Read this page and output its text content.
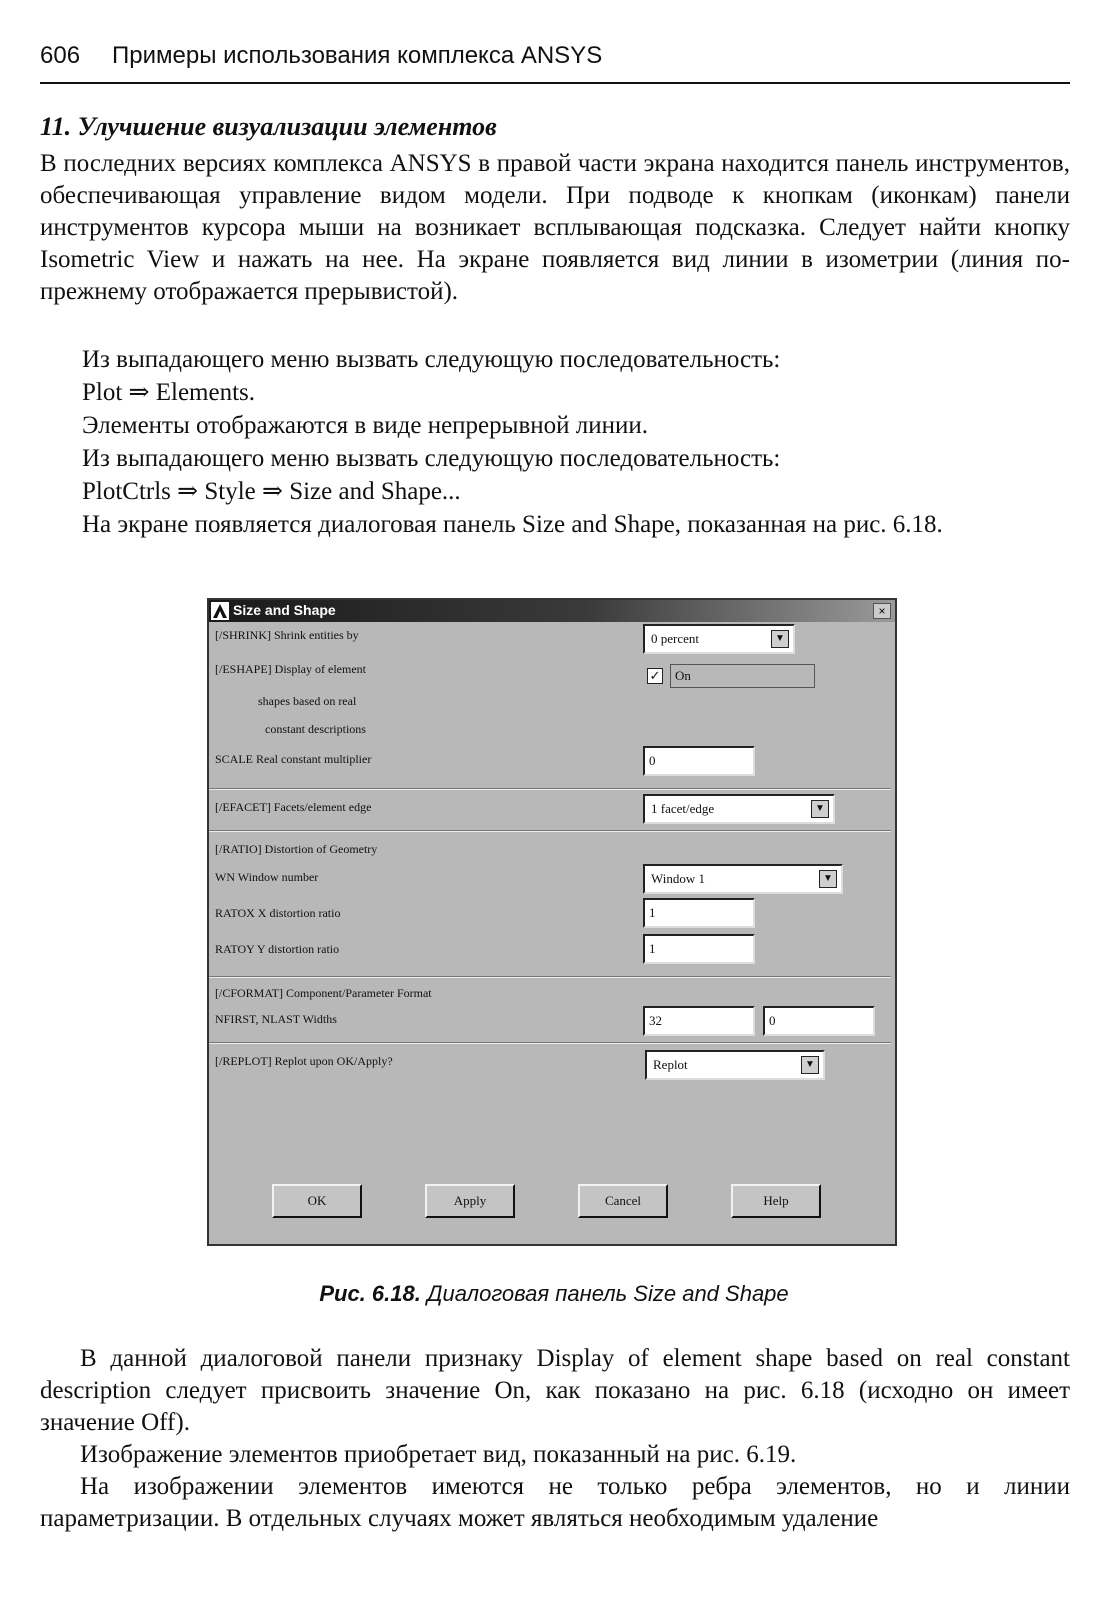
606 Примеры использования комплекса ANSYS
11. Улучшение визуализации элементов
В последних версиях комплекса ANSYS в правой части экрана находится панель инструментов, обеспечивающая управление видом модели. При подводе к кнопкам (иконкам) панели инструментов курсора мыши на возникает всплывающая подсказка. Следует найти кнопку Isometric View и нажать на нее. На экране появляется вид линии в изометрии (линия по-прежнему отображается прерывистой).
Из выпадающего меню вызвать следующую последовательность:
Plot ⇒ Elements.
Элементы отображаются в виде непрерывной линии.
Из выпадающего меню вызвать следующую последовательность:
PlotCtrls ⇒ Style ⇒ Size and Shape...
На экране появляется диалоговая панель Size and Shape, показанная на рис. 6.18.
Size and Shape	×
[/SHRINK] Shrink entities by	0 percent	▼
[/ESHAPE] Display of element
shapes based on real
constant descriptions
✓	On
SCALE Real constant multiplier	0
[/EFACET] Facets/element edge	1 facet/edge	▼
[/RATIO] Distortion of Geometry
WN Window number	Window 1	▼
RATOX X distortion ratio	1
RATOY Y distortion ratio	1
[/CFORMAT] Component/Parameter Format
NFIRST, NLAST Widths	32	0
[/REPLOT] Replot upon OK/Apply?	Replot	▼
OK	Apply	Cancel	Help
Рис. 6.18. Диалоговая панель Size and Shape
В данной диалоговой панели признаку Display of element shape based on real constant description следует присвоить значение On, как показано на рис. 6.18 (исходно он имеет значение Off).
Изображение элементов приобретает вид, показанный на рис. 6.19.
На изображении элементов имеются не только ребра элементов, но и линии параметризации. В отдельных случаях может являться необходимым удаление
